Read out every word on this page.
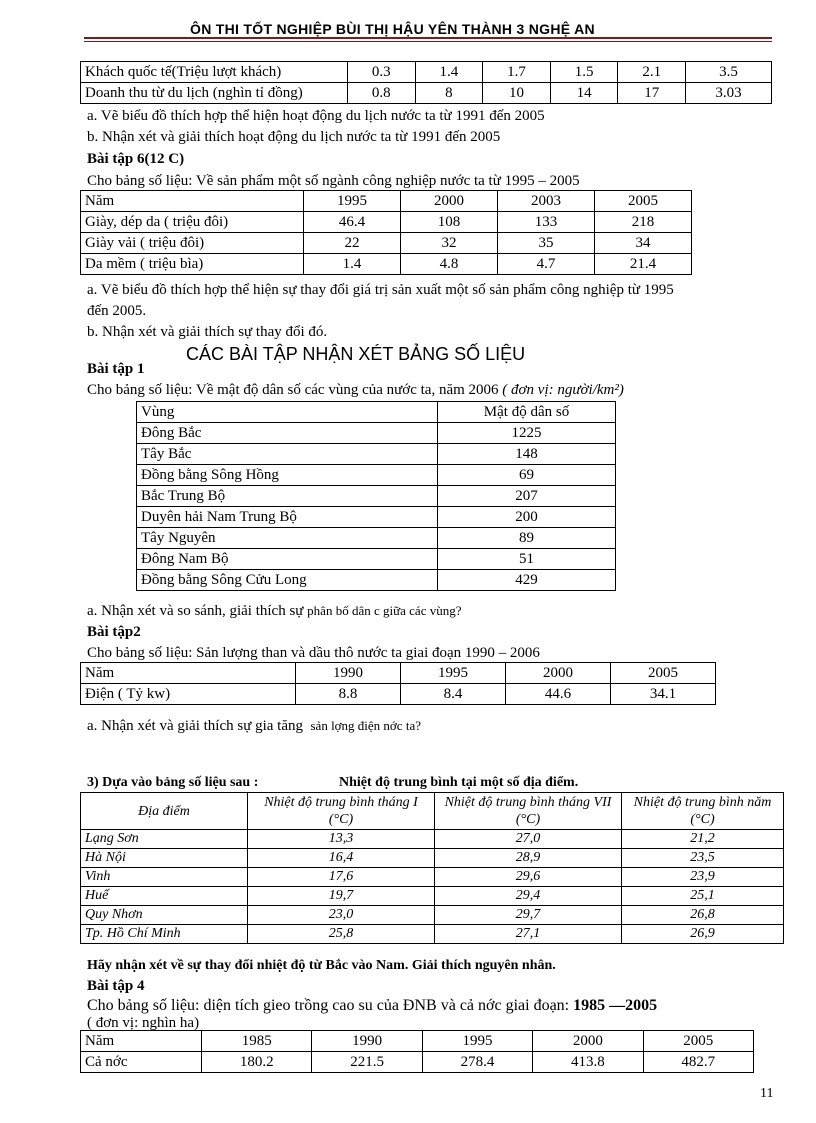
ÔN THI TỐT NGHIỆP BÙI THỊ HẬU YÊN THÀNH 3 NGHỆ AN
Khách quốc tế(Triệu lượt khách)	0.3	1.4	1.7	1.5	2.1	3.5
Doanh thu từ du lịch (nghìn tỉ đồng)	0.8	8	10	14	17	3.03
a. Vẽ biểu đồ thích hợp thể hiện hoạt động du lịch nước ta từ 1991 đến 2005
b. Nhận xét và giải thích hoạt động du lịch nước ta từ 1991 đến 2005
Bài tập 6(12 C)
Cho bảng số liệu: Về sản phẩm một số ngành công nghiệp nước ta từ 1995 – 2005
Năm	1995	2000	2003	2005
Giày, dép da ( triệu đôi)	46.4	108	133	218
Giày vải ( triệu đôi)	22	32	35	34
Da mềm ( triệu bìa)	1.4	4.8	4.7	21.4
a. Vẽ biểu đồ thích hợp thể hiện sự thay đổi giá trị sản xuất một số sản phẩm công nghiệp từ 1995
đến 2005.
b. Nhận xét và giải thích sự thay đổi đó.
CÁC BÀI TẬP NHẬN XÉT BẢNG SỐ LIỆU
Bài tập 1
Cho bảng số liệu: Về mật độ dân số các vùng của nước ta, năm 2006 ( đơn vị: người/km²)
Vùng	Mật độ dân số
Đông Bắc	1225
Tây Bắc	148
Đồng bằng Sông Hồng	69
Bắc Trung Bộ	207
Duyên hải Nam Trung Bộ	200
Tây Nguyên	89
Đông Nam Bộ	51
Đồng bằng Sông Cửu Long	429
a. Nhận xét và so sánh, giải thích sự phân bố dân c giữa các vùng?
Bài tập2
Cho bảng số liệu: Sản lượng than và dầu thô nước ta giai đoạn 1990 – 2006
Năm	1990	1995	2000	2005
Điện ( Tỷ kw)	8.8	8.4	44.6	34.1
a. Nhận xét và giải thích sự gia tăng sản lợng điện nớc ta?
3) Dựa vào bảng số liệu sau :	Nhiệt độ trung bình tại một số địa điểm.
Địa điểm	Nhiệt độ trung bình tháng I (°C)	Nhiệt độ trung bình tháng VII (°C)	Nhiệt độ trung bình năm (°C)
Lạng Sơn	13,3	27,0	21,2
Hà Nội	16,4	28,9	23,5
Vinh	17,6	29,6	23,9
Huế	19,7	29,4	25,1
Quy Nhơn	23,0	29,7	26,8
Tp. Hồ Chí Minh	25,8	27,1	26,9
Hãy nhận xét về sự thay đổi nhiệt độ từ Bắc vào Nam. Giải thích nguyên nhân.
Bài tập 4
Cho bảng số liệu: diện tích gieo trồng cao su của ĐNB và cả nớc giai đoạn: 1985 —2005
( đơn vị: nghìn ha)
Năm	1985	1990	1995	2000	2005
Cả nớc	180.2	221.5	278.4	413.8	482.7
11
